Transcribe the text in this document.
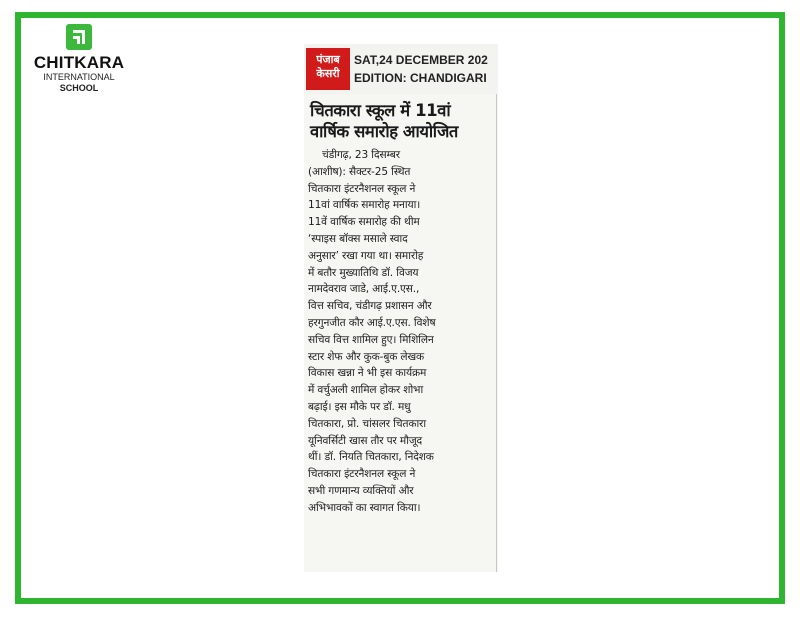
CHITKARA
INTERNATIONAL
SCHOOL
पंजाब
केसरी
SAT,24 DECEMBER 202
EDITION: CHANDIGARI
चितकारा स्कूल में 11वां
वार्षिक समारोह आयोजित
चंडीगढ़, 23 दिसम्बर
(आशीष): सैक्टर-25 स्थित
चितकारा इंटरनैशनल स्कूल ने
11वां वार्षिक समारोह मनाया।
11वें वार्षिक समारोह की थीम
‘स्पाइस बॉक्स मसाले स्वाद
अनुसार’ रखा गया था। समारोह
में बतौर मुख्यातिथि डॉ. विजय
नामदेवराव जाडे, आई.ए.एस.,
वित्त सचिव, चंडीगढ़ प्रशासन और
हरगुनजीत कौर आई.ए.एस. विशेष
सचिव वित्त शामिल हुए। मिशिलिन
स्टार शेफ और कुक-बुक लेखक
विकास खन्ना ने भी इस कार्यक्रम
में वर्चुअली शामिल होकर शोभा
बढ़ाई। इस मौके पर डॉ. मधु
चितकारा, प्रो. चांसलर चितकारा
यूनिवर्सिटी खास तौर पर मौजूद
थीं। डॉ. नियति चितकारा, निदेशक
चितकारा इंटरनैशनल स्कूल ने
सभी गणमान्य व्यक्तियों और
अभिभावकों का स्वागत किया।
